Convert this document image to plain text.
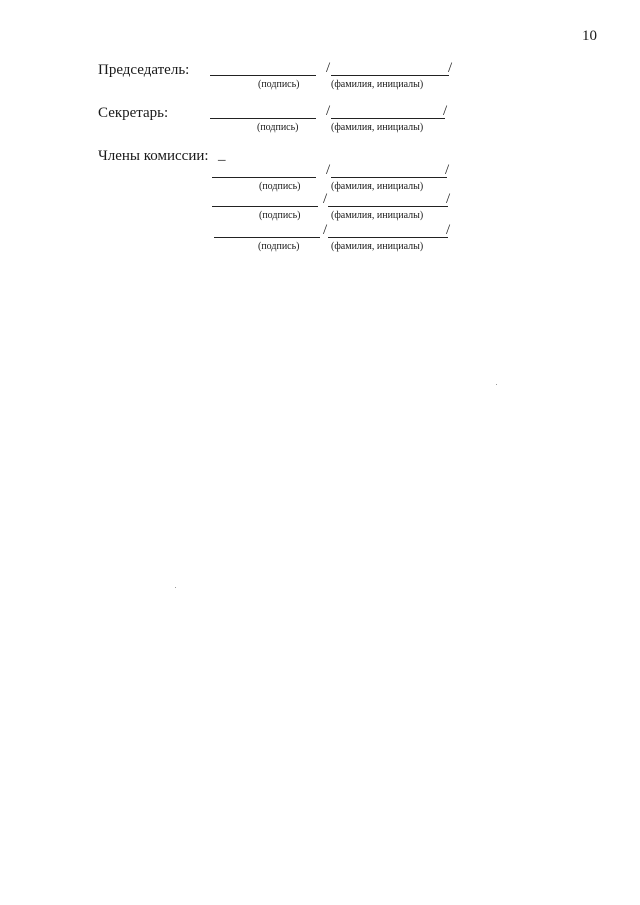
10
Председатель:	/	/
(подпись)	(фамилия, инициалы)
Секретарь:	/	/
(подпись)	(фамилия, инициалы)
Члены комиссии: _
/	/
(подпись)	(фамилия, инициалы)
/	/
(подпись)	(фамилия, инициалы)
/	/
(подпись)	(фамилия, инициалы)
